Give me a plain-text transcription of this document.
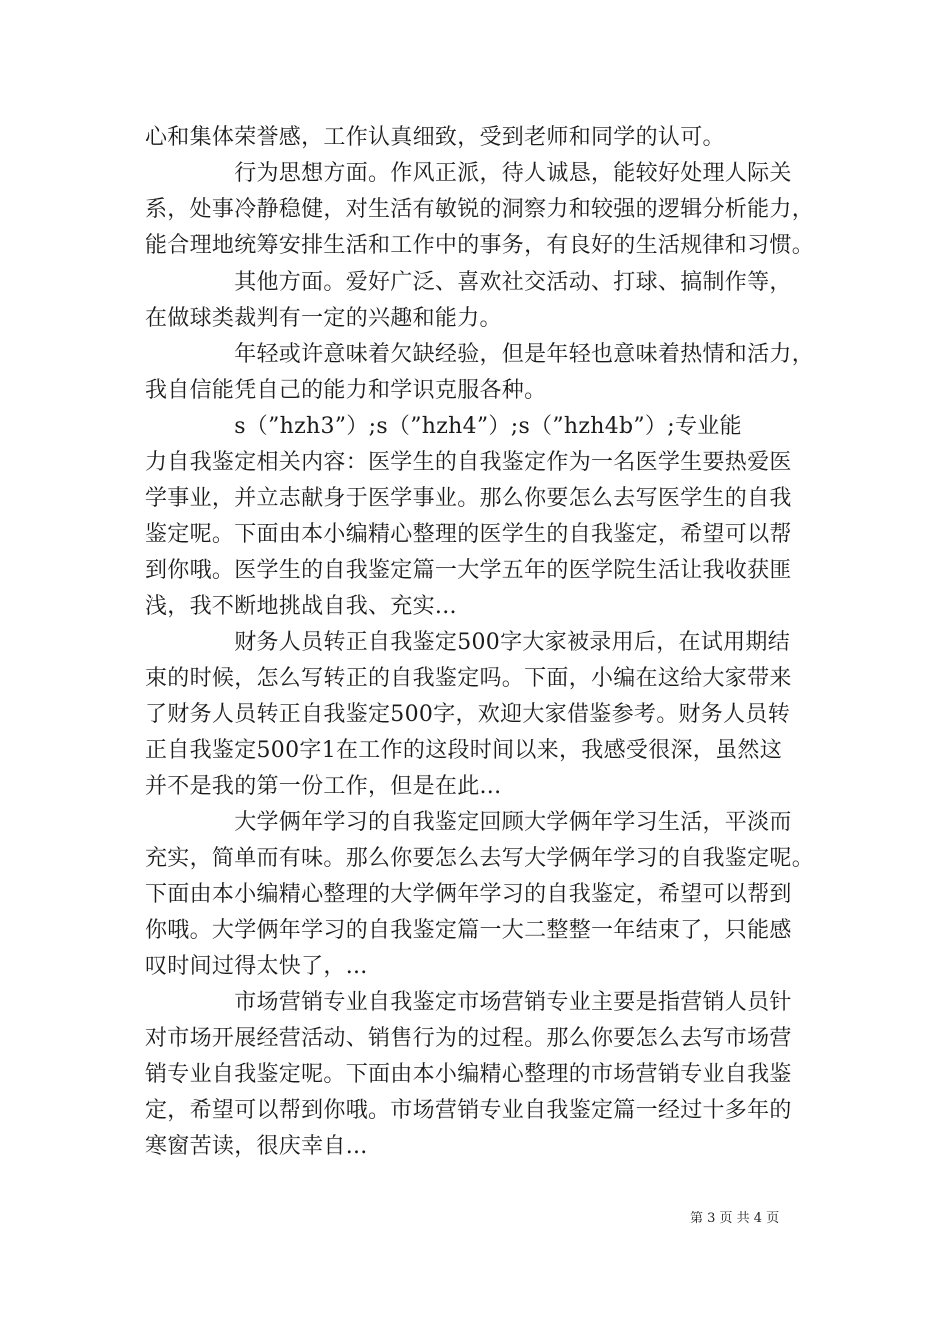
心和集体荣誉感，工作认真细致，受到老师和同学的认可。
　　　　行为思想方面。作风正派，待人诚恳，能较好处理人际关
系，处事冷静稳健，对生活有敏锐的洞察力和较强的逻辑分析能力，
能合理地统筹安排生活和工作中的事务，有良好的生活规律和习惯。
　　　　其他方面。爱好广泛、喜欢社交活动、打球、搞制作等，
在做球类裁判有一定的兴趣和能力。
　　　　年轻或许意味着欠缺经验，但是年轻也意味着热情和活力，
我自信能凭自己的能力和学识克服各种。
　　　　s（”hzh3”）;s（”hzh4”）;s（”hzh4b”）;专业能
力自我鉴定相关内容：医学生的自我鉴定作为一名医学生要热爱医
学事业，并立志献身于医学事业。那么你要怎么去写医学生的自我
鉴定呢。下面由本小编精心整理的医学生的自我鉴定，希望可以帮
到你哦。医学生的自我鉴定篇一大学五年的医学院生活让我收获匪
浅，我不断地挑战自我、充实...
　　　　财务人员转正自我鉴定500字大家被录用后，在试用期结
束的时候，怎么写转正的自我鉴定吗。下面，小编在这给大家带来
了财务人员转正自我鉴定500字，欢迎大家借鉴参考。财务人员转
正自我鉴定500字1在工作的这段时间以来，我感受很深，虽然这
并不是我的第一份工作，但是在此...
　　　　大学俩年学习的自我鉴定回顾大学俩年学习生活，平淡而
充实，简单而有味。那么你要怎么去写大学俩年学习的自我鉴定呢。
下面由本小编精心整理的大学俩年学习的自我鉴定，希望可以帮到
你哦。大学俩年学习的自我鉴定篇一大二整整一年结束了，只能感
叹时间过得太快了，...
　　　　市场营销专业自我鉴定市场营销专业主要是指营销人员针
对市场开展经营活动、销售行为的过程。那么你要怎么去写市场营
销专业自我鉴定呢。下面由本小编精心整理的市场营销专业自我鉴
定，希望可以帮到你哦。市场营销专业自我鉴定篇一经过十多年的
寒窗苦读，很庆幸自...
第 3 页 共 4 页
